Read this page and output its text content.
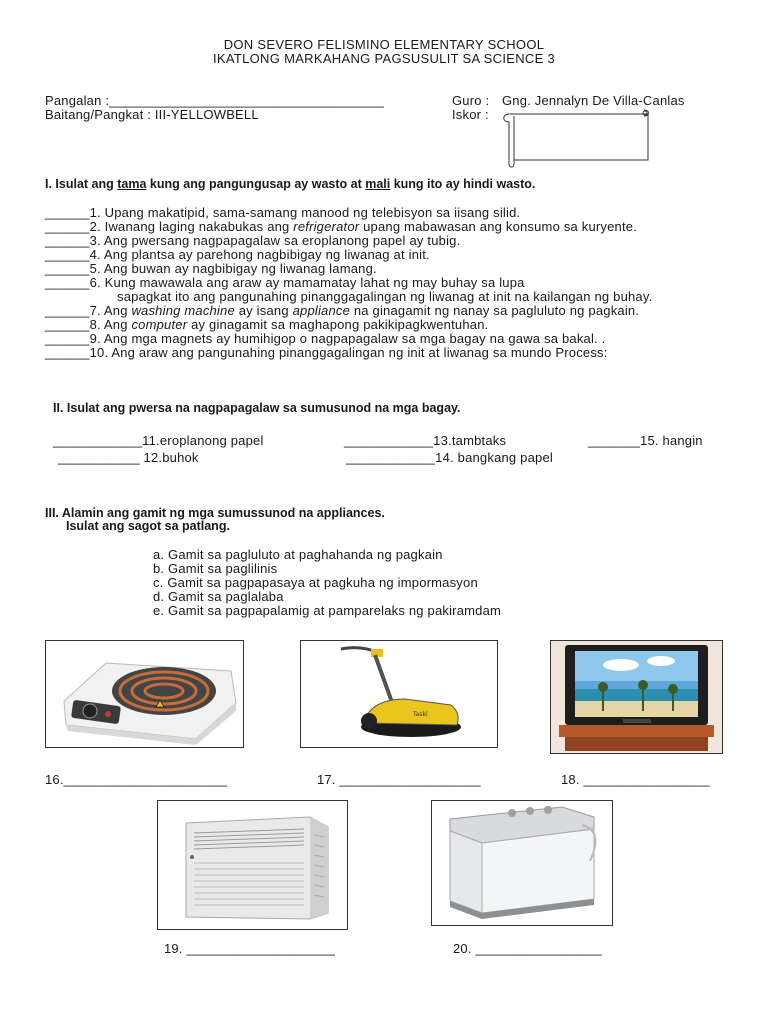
DON SEVERO FELISMINO ELEMENTARY SCHOOL
IKATLONG MARKAHANG PAGSUSULIT SA SCIENCE 3
Pangalan :_____________________________________
Baitang/Pangkat : III-YELLOWBELL
Guro : Gng. Jennalyn De Villa-Canlas
Iskor :
I. Isulat ang tama kung ang pangungusap ay wasto at mali kung ito ay hindi wasto.
______1. Upang makatipid, sama-samang manood ng telebisyon sa iisang silid.
______2. Iwanang laging nakabukas ang refrigerator upang mabawasan ang konsumo sa kuryente.
______3. Ang pwersang nagpapagalaw sa eroplanong papel ay tubig.
______4. Ang plantsa ay parehong nagbibigay ng liwanag at init.
______5. Ang buwan ay nagbibigay ng liwanag lamang.
______6. Kung mawawala ang araw ay mamamatay lahat ng may buhay sa lupa
sapagkat ito ang pangunahing pinanggagalingan ng liwanag at init na kailangan ng buhay.
______7. Ang washing machine ay isang appliance na ginagamit ng nanay sa pagluluto ng pagkain.
______8. Ang computer ay ginagamit sa maghapong pakikipagkwentuhan.
______9. Ang mga magnets ay humihigop o nagpapagalaw sa mga bagay na gawa sa bakal. .
______10. Ang araw ang pangunahing pinanggagalingan ng init at liwanag sa mundo Process:
II. Isulat ang pwersa na nagpapagalaw sa sumusunod na mga bagay.
____________11.eroplanong papel	____________13.tambtaks	_______15. hangin
___________ 12.buhok	____________14. bangkang papel
III. Alamin ang gamit ng mga sumussunod na appliances.
Isulat ang sagot sa patlang.
a. Gamit sa pagluluto at paghahanda ng pagkain
b. Gamit sa paglilinis
c. Gamit sa pagpapasaya at pagkuha ng impormasyon
d. Gamit sa paglalaba
e. Gamit sa pagpapalamig at pamparelaks ng pakiramdam
Taski
16.______________________	17. ___________________	18. _________________
19. ____________________	20. _________________
